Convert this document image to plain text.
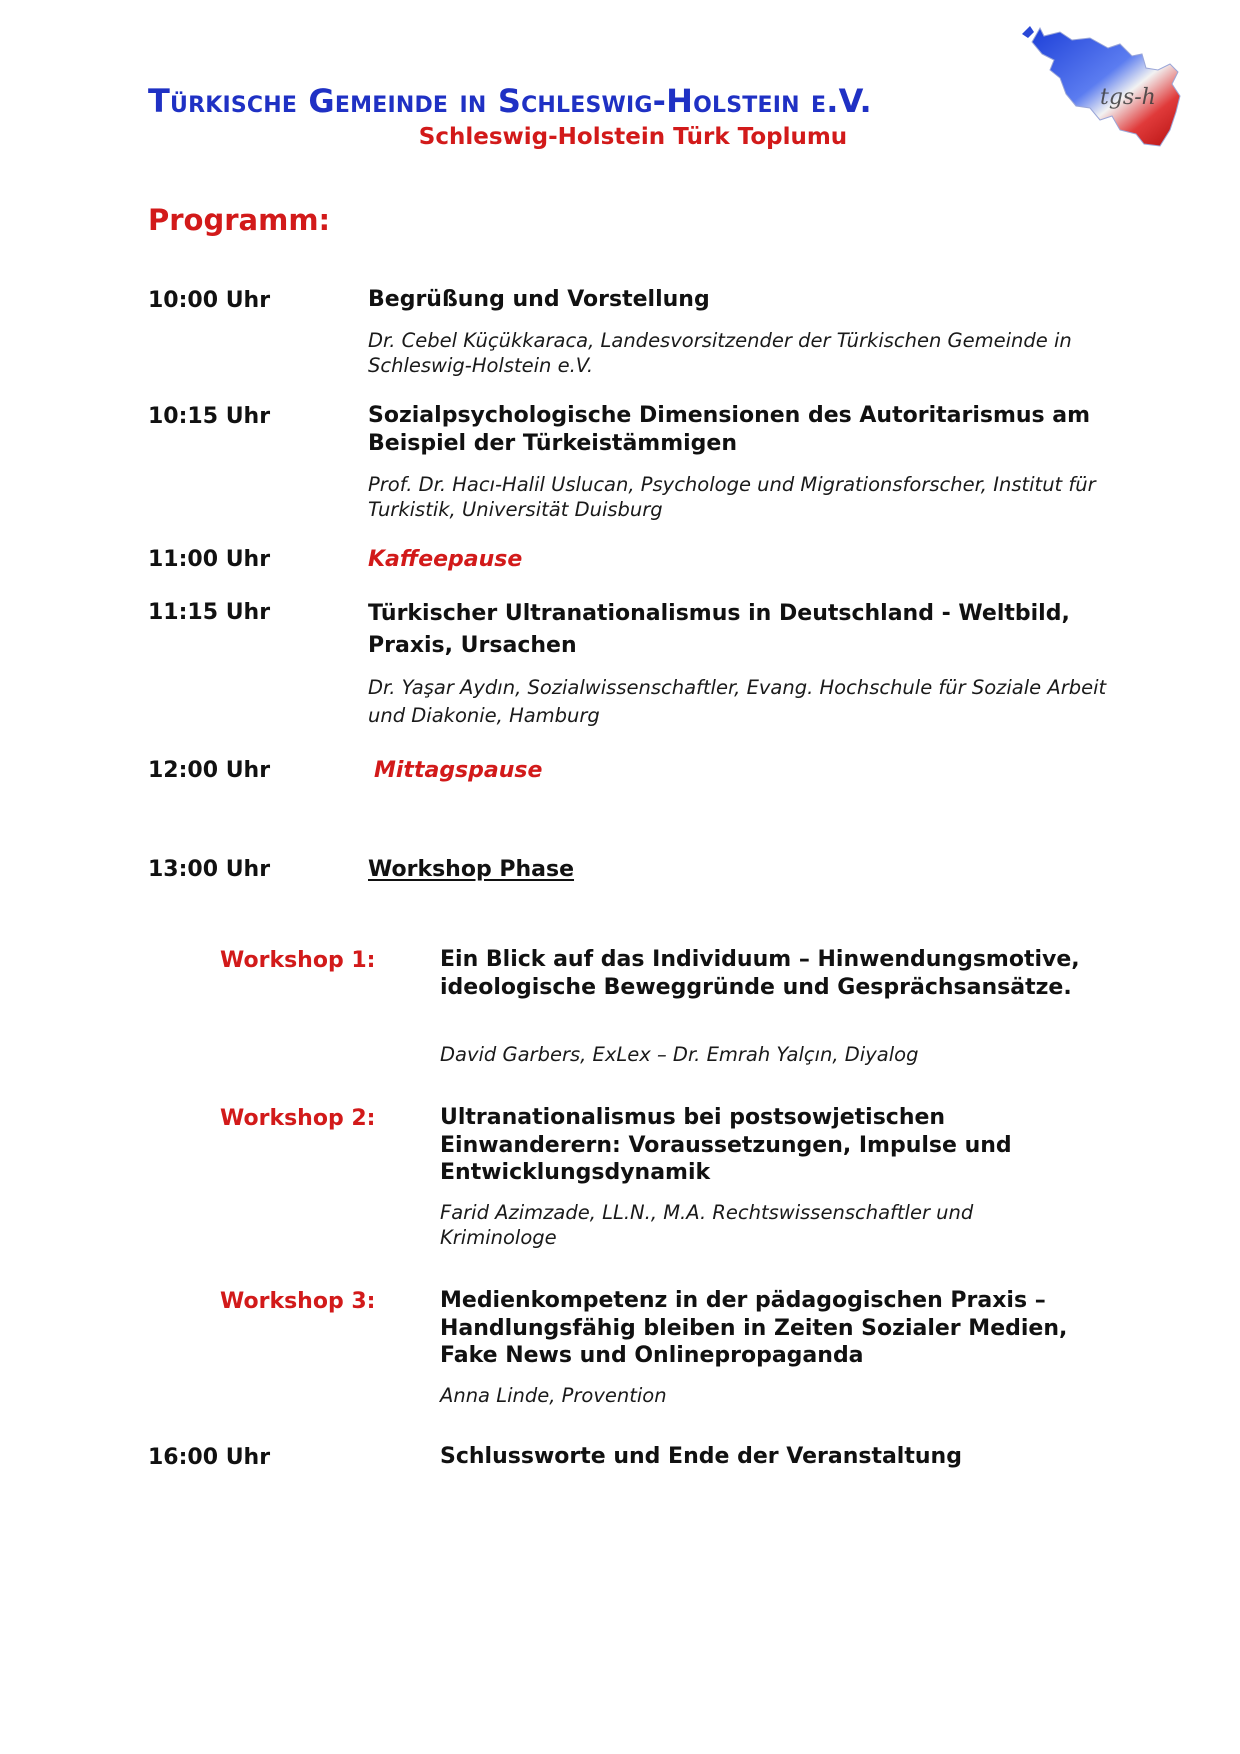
Türkische Gemeinde in Schleswig-Holstein e.V.
Schleswig-Holstein Türk Toplumu
tgs-h
Programm:
10:00 Uhr	Begrüßung und Vorstellung
Dr. Cebel Küçükkaraca, Landesvorsitzender der Türkischen Gemeinde in Schleswig-Holstein e.V.
10:15 Uhr	Sozialpsychologische Dimensionen des Autoritarismus am Beispiel der Türkeistämmigen
Prof. Dr. Hacı-Halil Uslucan, Psychologe und Migrationsforscher, Institut für Turkistik, Universität Duisburg
11:00 Uhr	Kaffeepause
11:15 Uhr	Türkischer Ultranationalismus in Deutschland - Weltbild, Praxis, Ursachen
Dr. Yaşar Aydın, Sozialwissenschaftler, Evang. Hochschule für Soziale Arbeit und Diakonie, Hamburg
12:00 Uhr	Mittagspause
13:00 Uhr	Workshop Phase
Workshop 1:	Ein Blick auf das Individuum – Hinwendungsmotive, ideologische Beweggründe und Gesprächsansätze.
David Garbers, ExLex – Dr. Emrah Yalçın, Diyalog
Workshop 2:	Ultranationalismus bei postsowjetischen Einwanderern: Voraussetzungen, Impulse und Entwicklungsdynamik
Farid Azimzade, LL.N., M.A. Rechtswissenschaftler und Kriminologe
Workshop 3:	Medienkompetenz in der pädagogischen Praxis – Handlungsfähig bleiben in Zeiten Sozialer Medien, Fake News und Onlinepropaganda
Anna Linde, Provention
16:00 Uhr	Schlussworte und Ende der Veranstaltung
